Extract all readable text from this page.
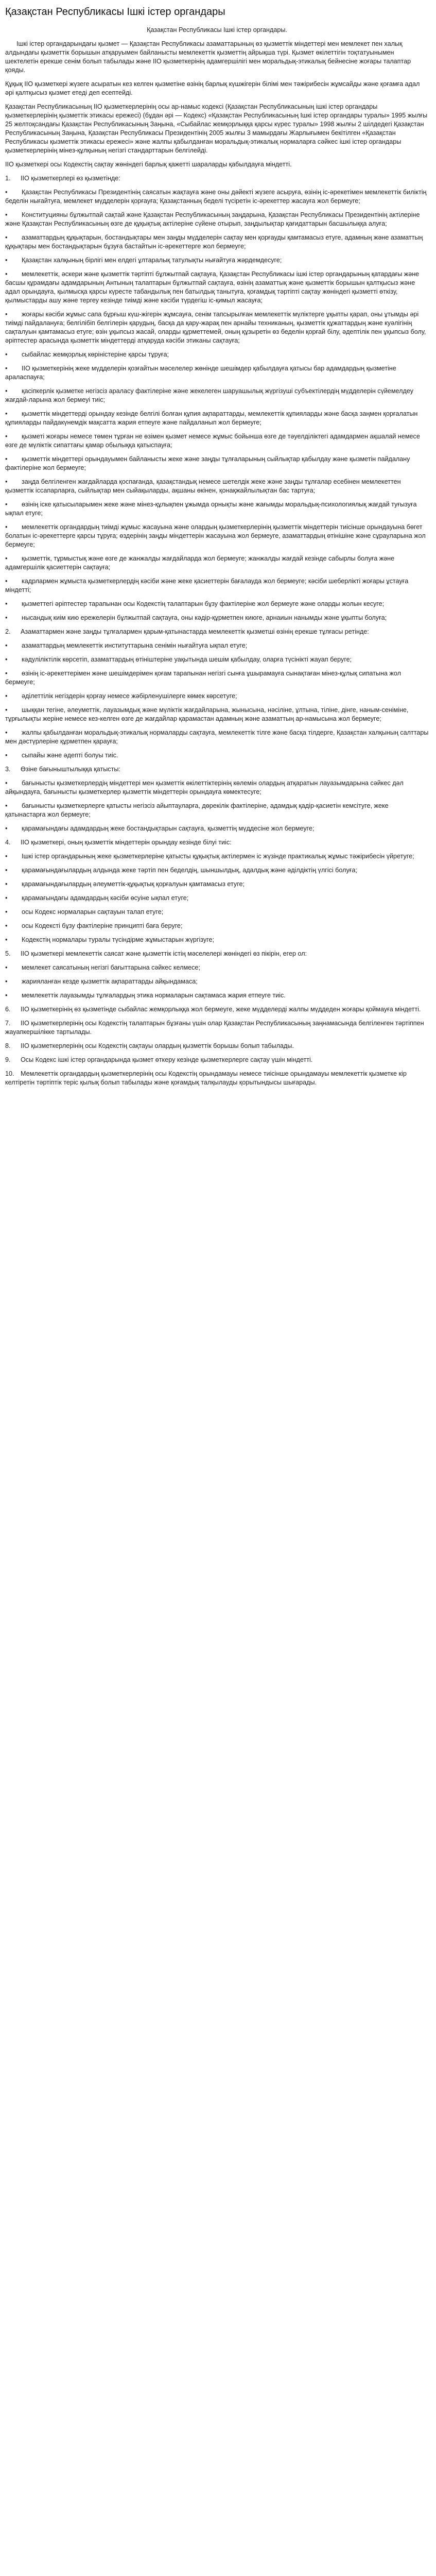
Қазақстан Республикасы Ішкі істер органдары

Қазақстан Республикасы Ішкі істер органдары.

Ішкі істер органдарындағы қызмет — Қазақстан Республикасы азаматтарының өз қызметтік міндеттері мен мемлекет пен халық алдындағы қызметтік борышын атқаруымен байланысты мемлекеттік қызметтің айрықша түрі. Қызмет өкілеттігін тоқтатуынымен шектелетін ерекше сенім болып табылады және ІІО қызметкерінің адамгершілігі мен моральдық-этикалық бейнесіне жоғары талаптар қояды.

Құқық ІІО қызметкері жүзеге асыратын кез келген қызметіне өзінің барлық күшжігерін білімі мен тәжірибесін жұмсайды және қоғамға адал әрі қалтқысыз қызмет етеді деп есептейді.

Қазақстан Республикасының ІІО қызметкерлерінің осы ар-намыс кодексі (Қазақстан Республикасының ішкі істер органдары қызметкерлерінің қызметтік этикасы ережесі) (бұдан әрі — Кодекс) «Қазақстан Республикасының Ішкі істер органдары туралы» 1995 жылғы 25 желтоқсандағы Қазақстан Республикасының Заңына, «Сыбайлас жемқорлыққа қарсы күрес туралы» 1998 жылғы 2 шілдедегі Қазақстан Республикасының Заңына, Қазақстан Республикасы Президентінің 2005 жылғы 3 мамырдағы Жарлығымен бекітілген «Қазақстан Республикасы қызметтік этикасы ережесі» және жалпы қабылданған моральдық-этикалық нормаларға сәйкес ішкі істер органдары қызметкерлерінің мінез-құлқының негізгі стандарттарын белгілейді.

ІІО қызметкері осы Кодекстің сақтау жөніндегі барлық қажетті шараларды қабылдауға міндетті.

1. ІІО қызметкерлері өз қызметінде:

• Қазақстан Республикасы Президентінің саясатын жақтауға және оны дәйекті жүзеге асыруға, өзінің іс-әрекетімен мемлекеттік биліктің беделін нығайтуға, мемлекет мүдделерін қорғауға; Қазақстанның беделі түсіретін іс-әрекеттер жасауға жол бермеуге;

• Конституцияны бұлжытпай сақтай және Қазақстан Республикасының заңдарына, Қазақстан Республикасы Президентінің актілеріне және Қазақстан Республикасының өзге де құқықтық актілеріне сүйене отырып, заңдылықтар қағидаттарын басшылыққа алуға;

• азаматтардың құқықтарын, бостандықтары мен заңды мүдделерін сақтау мен қорғауды қамтамасыз етуге, адамның және азаматтың құқықтары мен бостандықтарын бұзуға бастайтын іс-әрекеттерге жол бермеуге;

• Қазақстан халқының бірлігі мен елдегі ұлтаралық татулықты нығайтуға жәрдемдесуге;

• мемлекеттік, әскери және қызметтік тәртіпті бұлжытпай сақтауға, Қазақстан Республикасы ішкі істер органдарының қатардағы және басшы құрамдағы адамдарының Антының талаптарын бұлжытпай сақтауға, өзінің азаматтық және қызметтік борышын қалтқысыз және адал орындауға, қылмысқа қарсы күресте табандылық пен батылдық танытуға, қоғамдық тәртіпті сақтау жөніндегі қызметті өткізу, қылмыстарды ашу және тергеу кезінде тиімді және кәсіби түрдегіш іс-қимыл жасауға;

• жоғары кәсіби жұмыс сапа бұрғыш күш-жігерін жұмсауға, сенім тапсырылған мемлекеттік мүліктерге ұқыпты қарап, оны ұтымды әрі тиімді пайдалануға; белгілібіп белгілерін қарудың, басқа да қару-жарақ пен арнайы техниканың, қызметтік құжаттардың және куәлігінің сақталуын қамтамасыз етуге; өзін ұқыпсыз жасай, оларды құрметтемей, оның құзыретін өз беделін қорғай білу, әдептілік пен ұқыпсыз болу, әріптестер арасында қызметтік міндеттерді атқаруда кәсіби этиканы сақтауға;

• сыбайлас жемқорлық көріністеріне қарсы тұруға;

• ІІО қызметкерінің жеке мүдделерін қозғайтын мәселелер жөнінде шешімдер қабылдауға қатысы бар адамдардың қызметіне араласпауға;

• қасіпкерлік қызметке негізсіз араласу фактілеріне және жекелеген шаруашылық жүргізуші субъектілердің мүдделерін сүйемелдеу жағдай-ларына жол бермеуі тиіс;

• қызметтік міндеттерді орындау кезінде белгілі болған құпия ақпараттарды, мемлекеттік құпияларды және басқа заңмен қорғалатын құпияларды пайдакүнемдік мақсатта жария етпеуге және пайдаланып жол бермеуге;

• қызметі жоғары немесе төмен тұрған не өзімен қызмет немесе жұмыс бойынша өзге де тәуелділіктегі адамдармен ақшалай немесе өзге де мүліктік сипаттағы қамар обылыққа қатыспауға;

• қызметтік міндеттері орындауымен байланысты жеке және заңды тұлғаларының сыйлықтар қабылдау және қызметін пайдалану фактілеріне жол бермеуге;

• заңда белгіленген жағдайларда қоспағанда, қазақстандық немесе шетелдік жеке және заңды тұлғалар есебінен мемлекеттен қызметтік іссапарларға, сыйлықтар мен сыйақыларды, ақшаны өкінен, қонақжайлылықтан бас тартуға;

• өзінің іске қатысыларымен жеке және мінез-құлықпен ұжымда орнықты және жағымды моральдық-психологиялық жағдай туғызуға ықпал етуге;

• мемлекеттік органдардың тиімді жұмыс жасауына және олардың қызметкерлерінің қызметтік міндеттерін тиісінше орындауына бөгет болатын іс-әрекеттерге қарсы тұруға; өздерінің заңды міндеттерін жасауына жол бермеуге, азаматтардың өтінішіне және сұрауларына жол бермеуге;

• қызметтік, тұрмыстық және өзге де жанжалды жағдайларда жол бермеуге; жанжалды жағдай кезінде сабырлы болуға және адамгершілік қасиеттерін сақтауға;

• кадрлармен жұмыста қызметкерлердің кәсіби және жеке қасиеттерін бағалауда жол бермеуге; кәсіби шеберлікті жоғары ұстауға міндетті;

• қызметтегі әріптестер тарапынан осы Кодекстің талаптарын бұзу фактілеріне жол бермеуге және оларды жолын кесуге;

• нысандық киім кию ережелерін бұлжытпай сақтауға, оны кәдір-құрметпен киюге, арнаиын нанымды және ұқыпты болуға;

2. Азаматтармен және заңды тұлғалармен қарым-қатынастарда мемлекеттік қызметші өзінің ерекше тұлғасы ретінде:

• азаматтардың мемлекеттік институттарына сенімін нығайтуға ықпал етуге;

• кәдуліліктілік көрсетіп, азаматтардың өтініштеріне уақытында шешім қабылдау, оларға түсінікті жауап беруге;

• өзінің іс-әрекеттерімен және шешімдерімен қоғам тарапынан негізгі сынға ұшырамауға сынақтаған мінез-құлық сипатына жол бермеуге;

• әділеттілік негіздерін қорғау немесе жәбірленушілерге көмек көрсетуге;

• шыққан тегіне, әлеуметтік, лауазымдық және мүліктік жағдайларына, жынысына, нәсіліне, ұлтына, тіліне, дінге, наным-сеніміне, тұрғылықты жеріне немесе кез-келген өзге де жағдайлар қарамастан адамның және азаматтың ар-намысына жол бермеуге;

• жалпы қабылданған моральдық-этикалық нормаларды сақтауға, мемлекеттік тілге және басқа тілдерге, Қазақстан халқының салттары мен дәстүрлеріне құрметпен қарауға;

• сыпайы және әдепті болуы тиіс.

3. Өзіне бағыныштылыққа қатысты:

• бағынысты қызметкерлердің міндеттері мен қызметтік өкілеттіктерінің көлемін олардың атқаратын лауазымдарына сәйкес дәл айқындауға, бағынысты қызметкерлер қызметтік міндеттерін орындауға көмектесуге;

• бағынысты қызметкерлерге қатысты негізсіз айыптауларға, дөрекілік фактілеріне, адамдық қадір-қасиетін кемсітуге, жеке қатынастарға жол бермеуге;

• қарамағындағы адамдардың жеке бостандықтарын сақтауға, қызметтің мүддесіне жол бермеуге;

4. ІІО қызметкері, оның қызметтік міндеттерін орындау кезінде білуі тиіс:

• Ішкі істер органдарының жеке қызметкерлеріне қатысты құқықтық актілермен іс жүзінде практикалық жұмыс тәжірибесін үйретуге;

• қарамағындағылардың алдында жеке тәртіп пен беделдің, шыншылдық, адалдық және әділдіктің үлгісі болуға;

• қарамағындағылардың әлеуметтік-құқықтық қорғалуын қамтамасыз етуге;

• қарамағындағы адамдардың кәсіби өсуіне ықпал етуге;

• осы Кодекс нормаларын сақтауын талап етуге;

• осы Кодексті бұзу фактілеріне принципті баға беруге;

• Кодекстің нормалары туралы түсіндірме жұмыстарын жүргізуге;

5. ІІО қызметкері мемлекеттік саясат және қызметтік істің мәселелері жөніндегі өз пікірін, егер ол:

• мемлекет саясатының негізгі бағыттарына сәйкес келмесе;

• жарияланған кезде қызметтік ақпараттарды айқындамаса;

• мемлекеттік лауазымды тұлғалардың этика нормаларын сақтамаса жария етпеуге тиіс.

6. ІІО қызметкерінің өз қызметінде сыбайлас жемқорлыққа жол бермеуге, жеке мүдделерді жалпы мүддеден жоғары қоймауға міндетті.

7. ІІО қызметкерлерінің осы Кодекстің талаптарын бұзғаны үшін олар Қазақстан Республикасының заңнамасында белгіленген тәртіппен жауапкершілікке тартылады.

8. ІІО қызметкерлерінің осы Кодекстің сақтауы олардың қызметтік борышы болып табылады.

9. Осы Кодекс ішкі істер органдарында қызмет өткеру кезінде қызметкерлерге сақтау үшін міндетті.

10. Мемлекеттік органдардың қызметкерлерінің осы Кодекстің орындамауы немесе тиісінше орындамауы мемлекеттік қызметке кір келтіретін тәртіптік теріс қылық болып табылады және қоғамдық талқылауды қорытындысы шығарады.
